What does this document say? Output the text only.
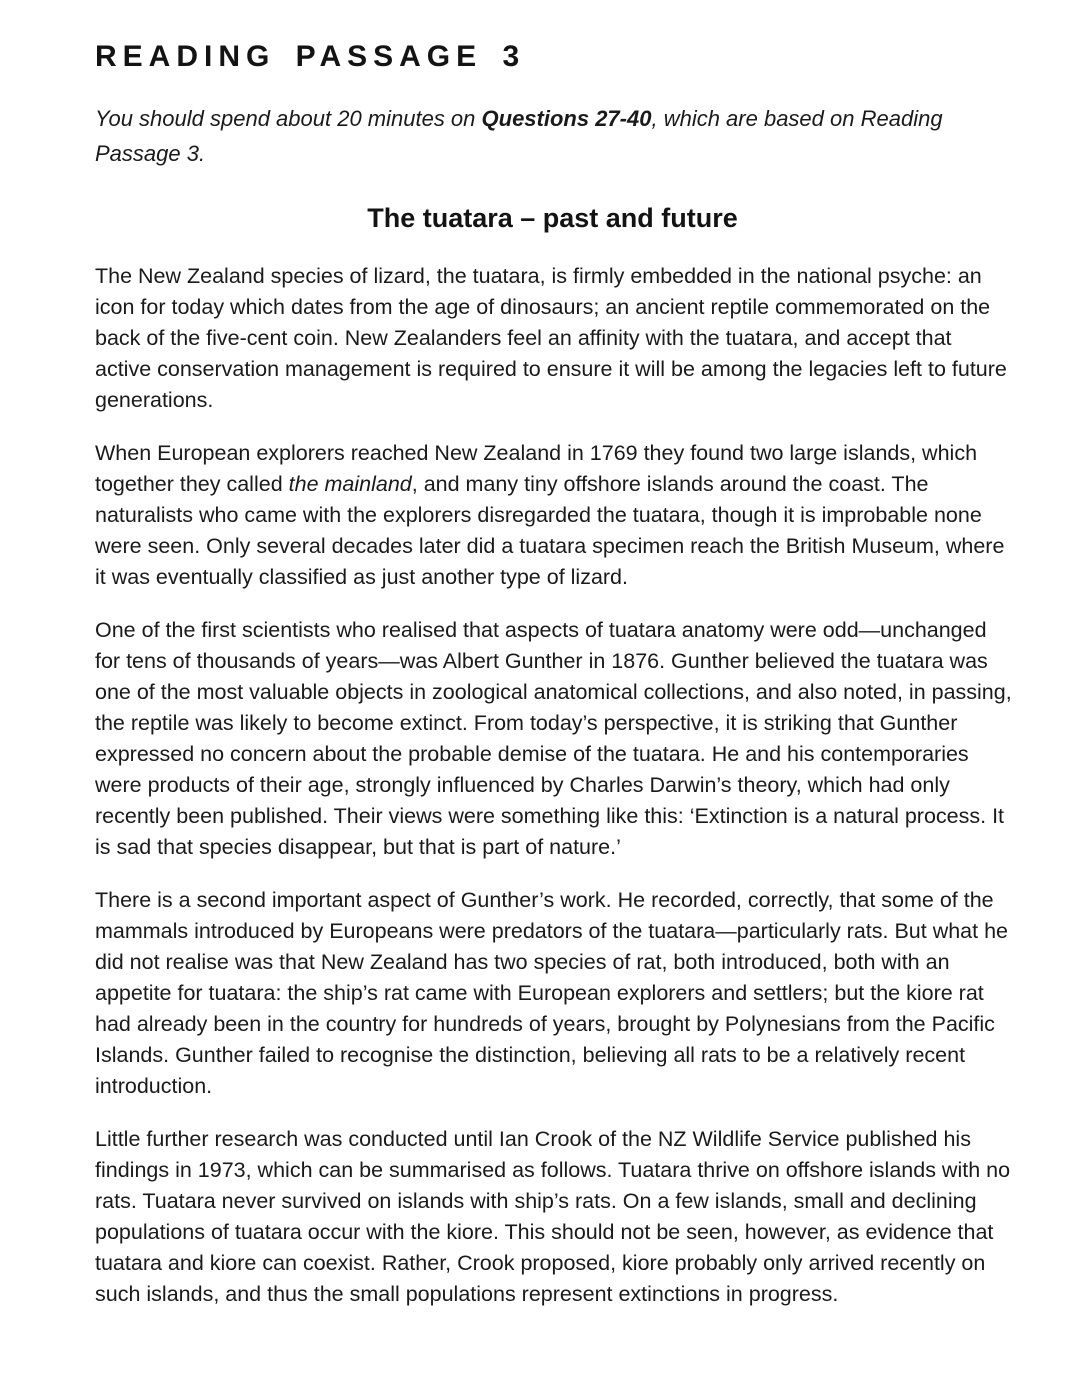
READING PASSAGE 3

You should spend about 20 minutes on Questions 27-40, which are based on Reading Passage 3.

The tuatara – past and future

The New Zealand species of lizard, the tuatara, is firmly embedded in the national psyche: an icon for today which dates from the age of dinosaurs; an ancient reptile commemorated on the back of the five-cent coin. New Zealanders feel an affinity with the tuatara, and accept that active conservation management is required to ensure it will be among the legacies left to future generations.

When European explorers reached New Zealand in 1769 they found two large islands, which together they called the mainland, and many tiny offshore islands around the coast. The naturalists who came with the explorers disregarded the tuatara, though it is improbable none were seen. Only several decades later did a tuatara specimen reach the British Museum, where it was eventually classified as just another type of lizard.

One of the first scientists who realised that aspects of tuatara anatomy were odd—unchanged for tens of thousands of years—was Albert Gunther in 1876. Gunther believed the tuatara was one of the most valuable objects in zoological anatomical collections, and also noted, in passing, the reptile was likely to become extinct. From today’s perspective, it is striking that Gunther expressed no concern about the probable demise of the tuatara. He and his contemporaries were products of their age, strongly influenced by Charles Darwin’s theory, which had only recently been published. Their views were something like this: ‘Extinction is a natural process. It is sad that species disappear, but that is part of nature.’

There is a second important aspect of Gunther’s work. He recorded, correctly, that some of the mammals introduced by Europeans were predators of the tuatara—particularly rats. But what he did not realise was that New Zealand has two species of rat, both introduced, both with an appetite for tuatara: the ship’s rat came with European explorers and settlers; but the kiore rat had already been in the country for hundreds of years, brought by Polynesians from the Pacific Islands. Gunther failed to recognise the distinction, believing all rats to be a relatively recent introduction.

Little further research was conducted until Ian Crook of the NZ Wildlife Service published his findings in 1973, which can be summarised as follows. Tuatara thrive on offshore islands with no rats. Tuatara never survived on islands with ship’s rats. On a few islands, small and declining populations of tuatara occur with the kiore. This should not be seen, however, as evidence that tuatara and kiore can coexist. Rather, Crook proposed, kiore probably only arrived recently on such islands, and thus the small populations represent extinctions in progress.
